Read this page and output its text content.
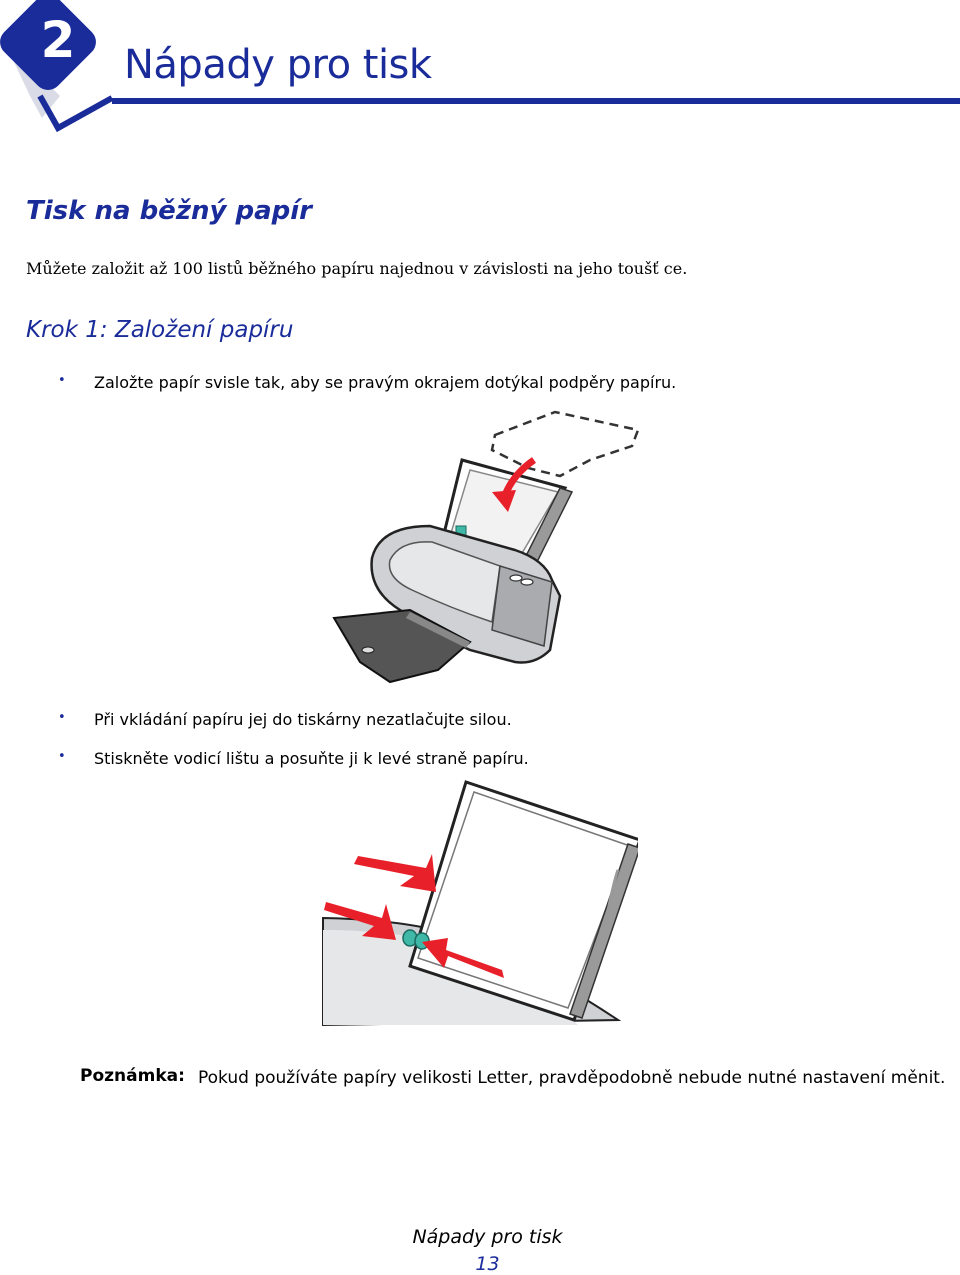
2 Nápady pro tisk
Tisk na běžný papír
Můžete založit až 100 listů běžného papíru najednou v závislosti na jeho toušť ce.
Krok 1: Založení papíru
• Založte papír svisle tak, aby se pravým okrajem dotýkal podpěry papíru.
• Při vkládání papíru jej do tiskárny nezatlačujte silou.
• Stiskněte vodicí lištu a posuňte ji k levé straně papíru.
Poznámka: Pokud používáte papíry velikosti Letter, pravděpodobně nebude nutné nastavení měnit.
Nápady pro tisk
13
